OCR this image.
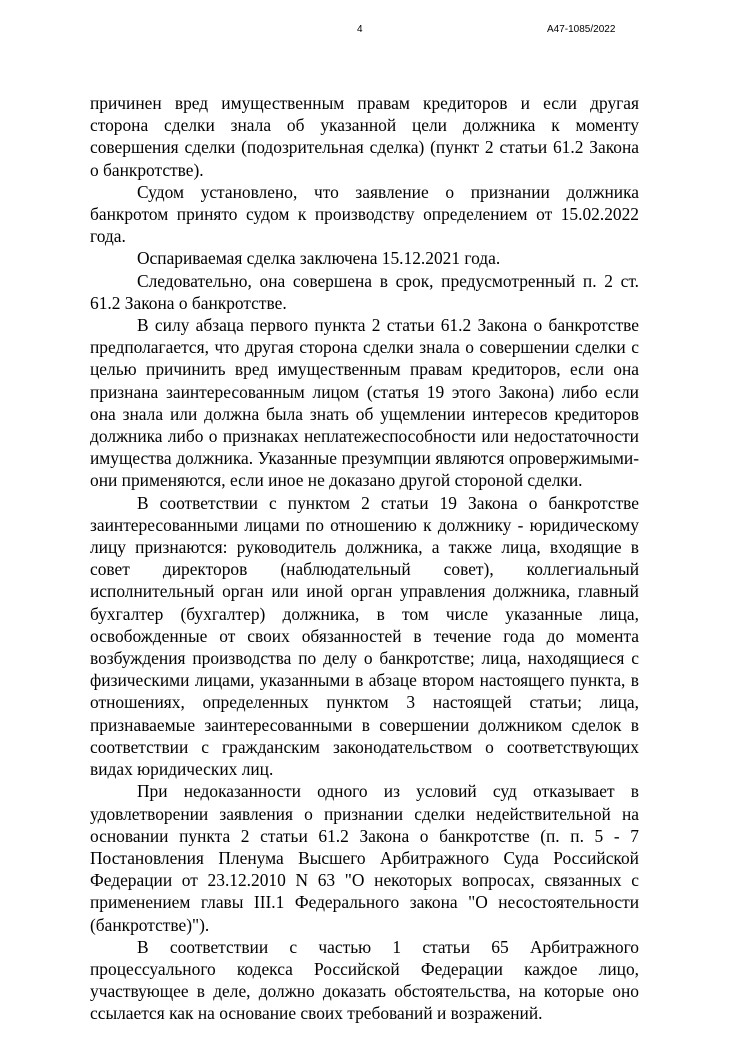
4	А47-1085/2022

причинен вред имущественным правам кредиторов и если другая сторона сделки знала об указанной цели должника к моменту совершения сделки (подозрительная сделка) (пункт 2 статьи 61.2 Закона о банкротстве).

Судом установлено, что заявление о признании должника банкротом принято судом к производству определением от 15.02.2022 года.

Оспариваемая сделка заключена 15.12.2021 года.

Следовательно, она совершена в срок, предусмотренный п. 2 ст. 61.2 Закона о банкротстве.

В силу абзаца первого пункта 2 статьи 61.2 Закона о банкротстве предполагается, что другая сторона сделки знала о совершении сделки с целью причинить вред имущественным правам кредиторов, если она признана заинтересованным лицом (статья 19 этого Закона) либо если она знала или должна была знать об ущемлении интересов кредиторов должника либо о признаках неплатежеспособности или недостаточности имущества должника. Указанные презумпции являются опровержимыми-они применяются, если иное не доказано другой стороной сделки.

В соответствии с пунктом 2 статьи 19 Закона о банкротстве заинтересованными лицами по отношению к должнику - юридическому лицу признаются: руководитель должника, а также лица, входящие в совет директоров (наблюдательный совет), коллегиальный исполнительный орган или иной орган управления должника, главный бухгалтер (бухгалтер) должника, в том числе указанные лица, освобожденные от своих обязанностей в течение года до момента возбуждения производства по делу о банкротстве; лица, находящиеся с физическими лицами, указанными в абзаце втором настоящего пункта, в отношениях, определенных пунктом 3 настоящей статьи; лица, признаваемые заинтересованными в совершении должником сделок в соответствии с гражданским законодательством о соответствующих видах юридических лиц.

При недоказанности одного из условий суд отказывает в удовлетворении заявления о признании сделки недействительной на основании пункта 2 статьи 61.2 Закона о банкротстве (п. п. 5 - 7 Постановления Пленума Высшего Арбитражного Суда Российской Федерации от 23.12.2010 N 63 "О некоторых вопросах, связанных с применением главы III.1 Федерального закона "О несостоятельности (банкротстве)").

В соответствии с частью 1 статьи 65 Арбитражного процессуального кодекса Российской Федерации каждое лицо, участвующее в деле, должно доказать обстоятельства, на которые оно ссылается как на основание своих требований и возражений.
